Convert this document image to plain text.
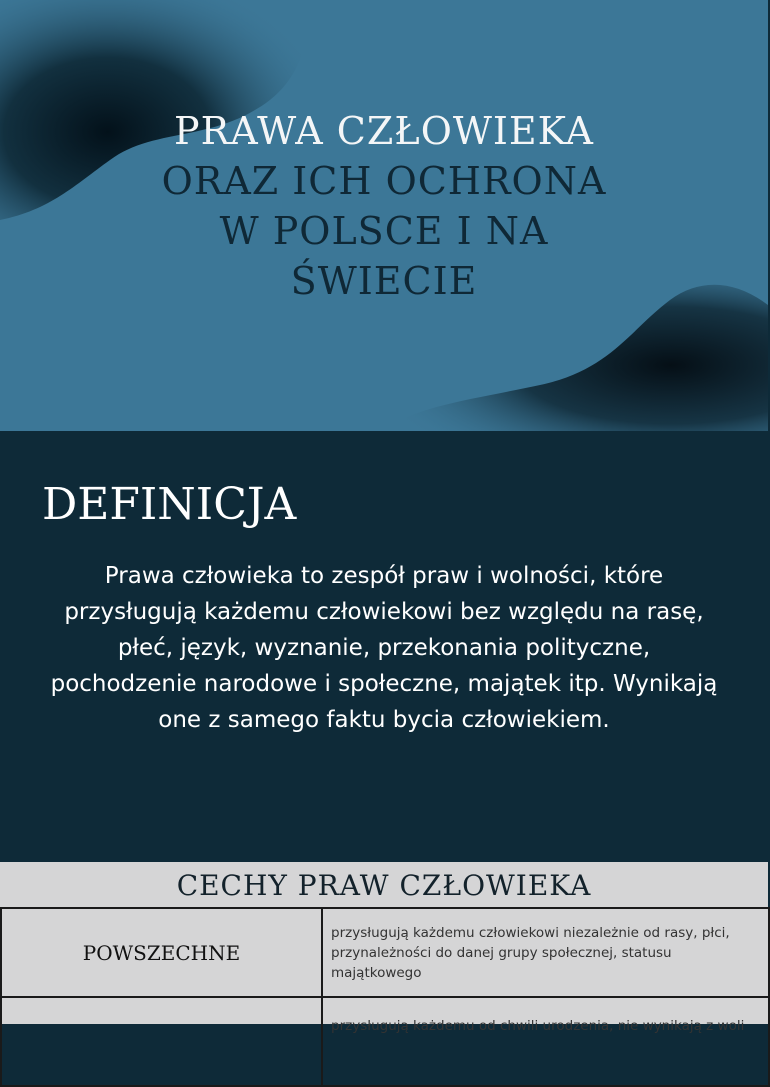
PRAWA CZŁOWIEKA
ORAZ ICH OCHRONA
W POLSCE I NA
ŚWIECIE
DEFINICJA

Prawa człowieka to zespół praw i wolności, które przysługują każdemu człowiekowi bez względu na rasę, płeć, język, wyznanie, przekonania polityczne, pochodzenie narodowe i społeczne, majątek itp. Wynikają one z samego faktu bycia człowiekiem.

CECHY PRAW CZŁOWIEKA
POWSZECHNE	przysługują każdemu człowiekowi niezależnie od rasy, płci,
przynależności do danej grupy społecznej, statusu
majątkowego

	przysługują każdemu od chwili urodzenia, nie wynikają z woli
